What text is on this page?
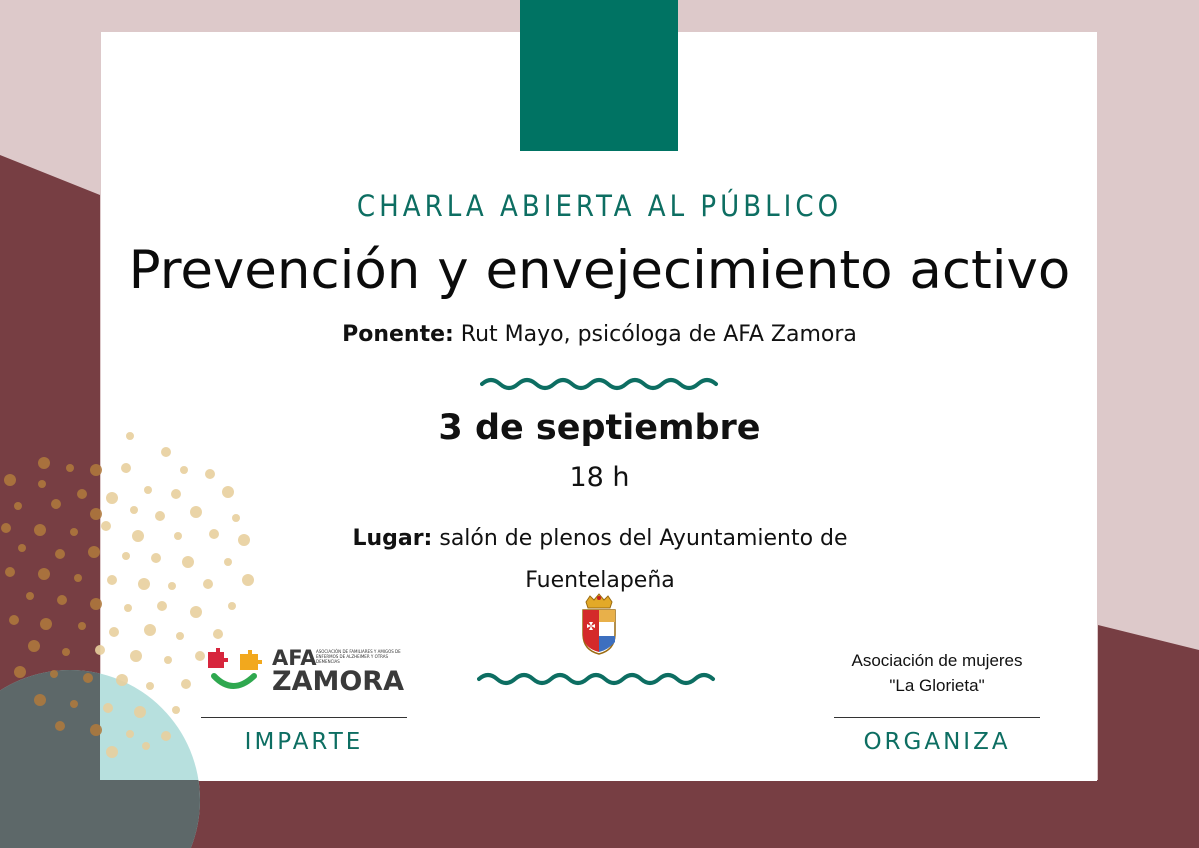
CHARLA ABIERTA AL PÚBLICO
Prevención y envejecimiento activo
Ponente: Rut Mayo, psicóloga de AFA Zamora
3 de septiembre
18 h
Lugar: salón de plenos del Ayuntamiento de Fuentelapeña
AFA ASOCIACIÓN DE FAMILIARES Y AMIGOS DE ENFERMOS DE ALZHEIMER Y OTRAS DEMENCIAS
ZAMORA
Asociación de mujeres
"La Glorieta"
IMPARTE	ORGANIZA
